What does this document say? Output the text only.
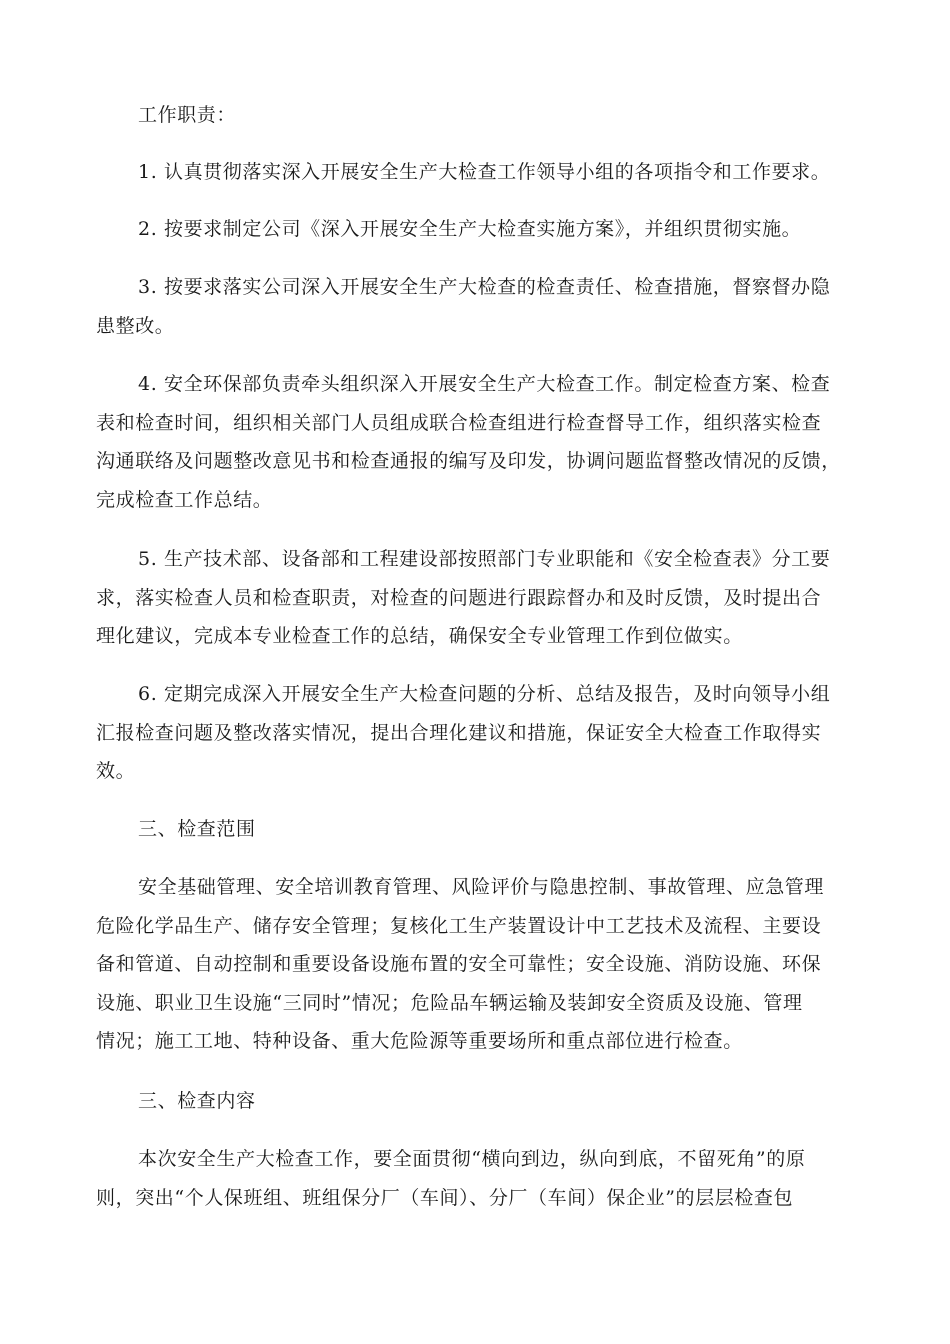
工作职责：

1. 认真贯彻落实深入开展安全生产大检查工作领导小组的各项指令和工作要求。

2. 按要求制定公司《深入开展安全生产大检查实施方案》，并组织贯彻实施。

3. 按要求落实公司深入开展安全生产大检查的检查责任、检查措施，督察督办隐
患整改。

4. 安全环保部负责牵头组织深入开展安全生产大检查工作。制定检查方案、检查
表和检查时间，组织相关部门人员组成联合检查组进行检查督导工作，组织落实检查
沟通联络及问题整改意见书和检查通报的编写及印发，协调问题监督整改情况的反馈，
完成检查工作总结。

5. 生产技术部、设备部和工程建设部按照部门专业职能和《安全检查表》分工要
求，落实检查人员和检查职责，对检查的问题进行跟踪督办和及时反馈，及时提出合
理化建议，完成本专业检查工作的总结，确保安全专业管理工作到位做实。

6. 定期完成深入开展安全生产大检查问题的分析、总结及报告，及时向领导小组
汇报检查问题及整改落实情况，提出合理化建议和措施，保证安全大检查工作取得实
效。

三、检查范围

安全基础管理、安全培训教育管理、风险评价与隐患控制、事故管理、应急管理
危险化学品生产、储存安全管理；复核化工生产装置设计中工艺技术及流程、主要设
备和管道、自动控制和重要设备设施布置的安全可靠性；安全设施、消防设施、环保
设施、职业卫生设施“三同时”情况；危险品车辆运输及装卸安全资质及设施、管理
情况；施工工地、特种设备、重大危险源等重要场所和重点部位进行检查。

三、检查内容

本次安全生产大检查工作，要全面贯彻“横向到边，纵向到底，不留死角”的原
则，突出“个人保班组、班组保分厂（车间）、分厂（车间）保企业”的层层检查包
